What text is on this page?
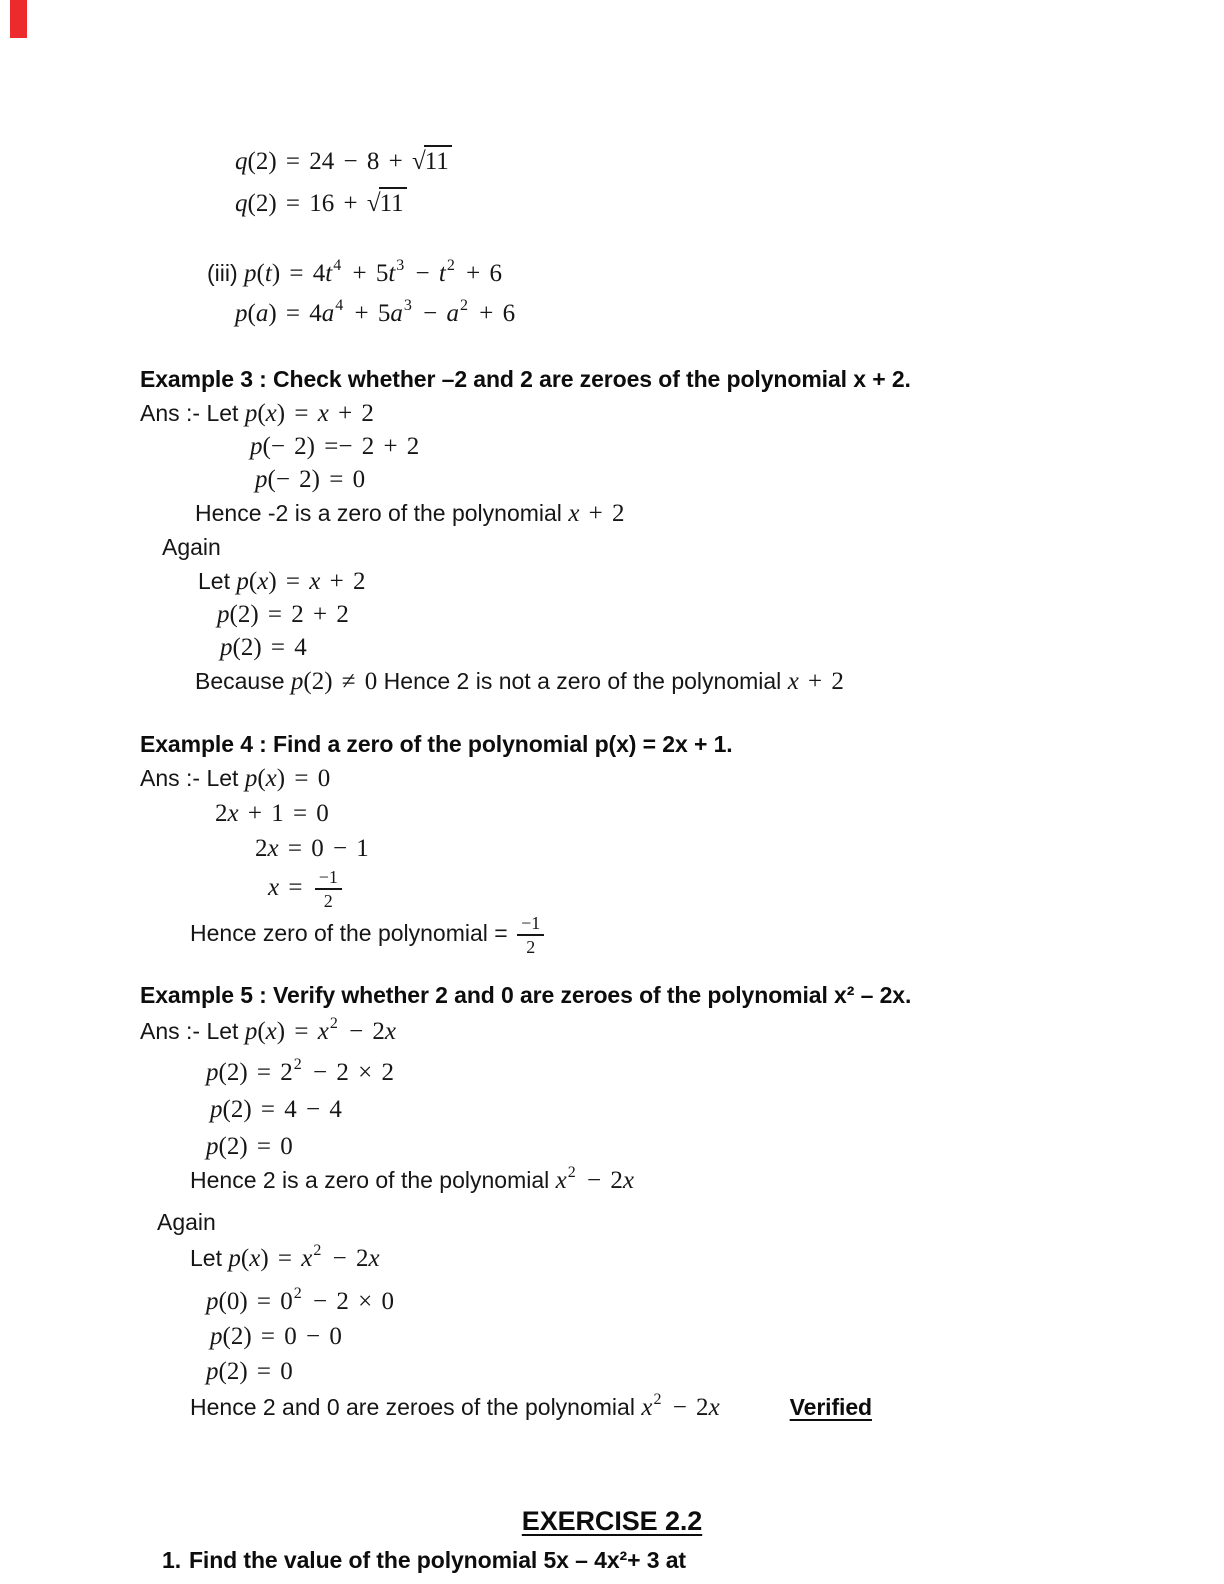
q(2) = 24 − 8 + √11
q(2) = 16 + √11
(iii) p(t) = 4t4 + 5t3 − t2 + 6
p(a) = 4a4 + 5a3 − a2 + 6
Example 3 : Check whether –2 and 2 are zeroes of the polynomial x + 2.
Ans :- Let p(x) = x + 2
p(− 2) =− 2 + 2
p(− 2) = 0
Hence -2 is a zero of the polynomial x + 2
Again
Let p(x) = x + 2
p(2) = 2 + 2
p(2) = 4
Because p(2) ≠ 0 Hence 2 is not a zero of the polynomial x + 2
Example 4 : Find a zero of the polynomial p(x) = 2x + 1.
Ans :- Let p(x) = 0
2x + 1 = 0
2x = 0 − 1
$x = \frac{-1}{2}$
Hence zero of the polynomial = $\frac{-1}{2}$
Example 5 : Verify whether 2 and 0 are zeroes of the polynomial x² – 2x.
Ans :- Let p(x) = x2 − 2x
p(2) = 22 − 2 × 2
p(2) = 4 − 4
p(2) = 0
Hence 2 is a zero of the polynomial x2 − 2x
Again
Let p(x) = x2 − 2x
p(0) = 02 − 2 × 0
p(2) = 0 − 0
p(2) = 0
Hence 2 and 0 are zeroes of the polynomial x2 − 2x	Verified
EXERCISE 2.2
1. Find the value of the polynomial 5x – 4x²+ 3 at
